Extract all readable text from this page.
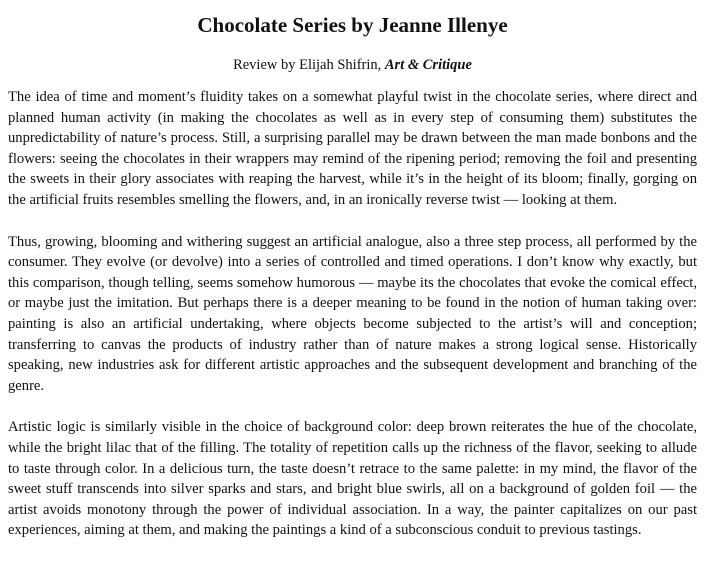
Chocolate Series by Jeanne Illenye
Review by Elijah Shifrin, Art & Critique

The idea of time and moment’s fluidity takes on a somewhat playful twist in the chocolate series, where direct and planned human activity (in making the chocolates as well as in every step of consuming them) substitutes the unpredictability of nature’s process. Still, a surprising parallel may be drawn between the man made bonbons and the flowers: seeing the chocolates in their wrappers may remind of the ripening period; removing the foil and presenting the sweets in their glory associates with reaping the harvest, while it’s in the height of its bloom; finally, gorging on the artificial fruits resembles smelling the flowers, and, in an ironically reverse twist — looking at them.

Thus, growing, blooming and withering suggest an artificial analogue, also a three step process, all performed by the consumer. They evolve (or devolve) into a series of controlled and timed operations. I don’t know why exactly, but this comparison, though telling, seems somehow humorous — maybe its the chocolates that evoke the comical effect, or maybe just the imitation. But perhaps there is a deeper meaning to be found in the notion of human taking over: painting is also an artificial undertaking, where objects become subjected to the artist’s will and conception; transferring to canvas the products of industry rather than of nature makes a strong logical sense. Historically speaking, new industries ask for different artistic approaches and the subsequent development and branching of the genre.

Artistic logic is similarly visible in the choice of background color: deep brown reiterates the hue of the chocolate, while the bright lilac that of the filling. The totality of repetition calls up the richness of the flavor, seeking to allude to taste through color. In a delicious turn, the taste doesn’t retrace to the same palette: in my mind, the flavor of the sweet stuff transcends into silver sparks and stars, and bright blue swirls, all on a background of golden foil — the artist avoids monotony through the power of individual association. In a way, the painter capitalizes on our past experiences, aiming at them, and making the paintings a kind of a subconscious conduit to previous tastings.
